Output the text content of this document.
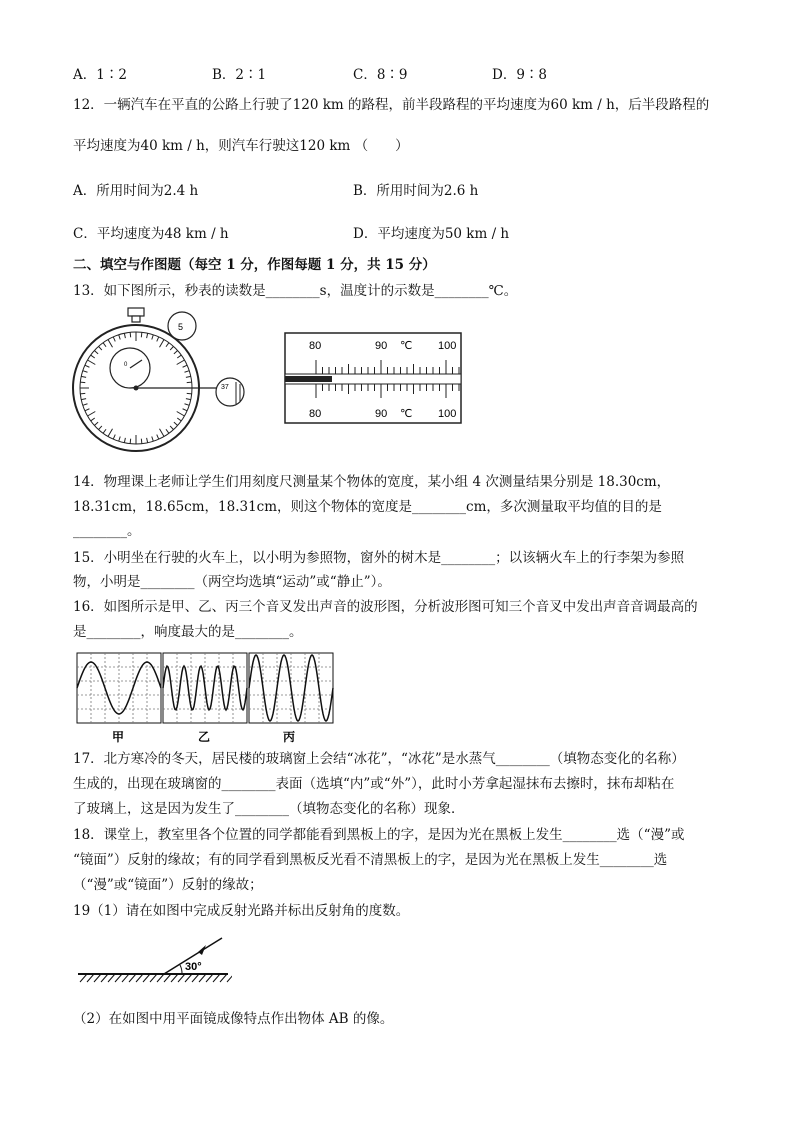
A．1∶2	B．2∶1	C．8∶9	D．9∶8
12．一辆汽车在平直的公路上行驶了120 km 的路程，前半段路程的平均速度为60 km / h，后半段路程的
平均速度为40 km / h，则汽车行驶这120 km （　　）
A．所用时间为2.4 h	B．所用时间为2.6 h
C．平均速度为48 km / h	D．平均速度为50 km / h
二、填空与作图题（每空 1 分，作图每题 1 分，共 15 分）
13．如下图所示，秒表的读数是________s，温度计的示数是________℃。
0
5
37
80	90 ℃ 100
80	90 ℃ 100
14．物理课上老师让学生们用刻度尺测量某个物体的宽度，某小组 4 次测量结果分别是 18.30cm，
18.31cm，18.65cm，18.31cm，则这个物体的宽度是________cm，多次测量取平均值的目的是
________。
15．小明坐在行驶的火车上，以小明为参照物，窗外的树木是________；以该辆火车上的行李架为参照
物，小明是________（两空均选填“运动”或“静止”）。
16．如图所示是甲、乙、丙三个音叉发出声音的波形图，分析波形图可知三个音叉中发出声音音调最高的
是________，响度最大的是________。
甲	乙	丙
17．北方寒冷的冬天，居民楼的玻璃窗上会结“冰花”，“冰花”是水蒸气________（填物态变化的名称）
生成的，出现在玻璃窗的________表面（选填“内”或“外”），此时小芳拿起湿抹布去擦时，抹布却粘在
了玻璃上，这是因为发生了________（填物态变化的名称）现象．
18．课堂上，教室里各个位置的同学都能看到黑板上的字，是因为光在黑板上发生________选（“漫”或
“镜面”）反射的缘故；有的同学看到黑板反光看不清黑板上的字，是因为光在黑板上发生________选
（“漫”或“镜面”）反射的缘故；
19（1）请在如图中完成反射光路并标出反射角的度数。
30°
（2）在如图中用平面镜成像特点作出物体 AB 的像。
